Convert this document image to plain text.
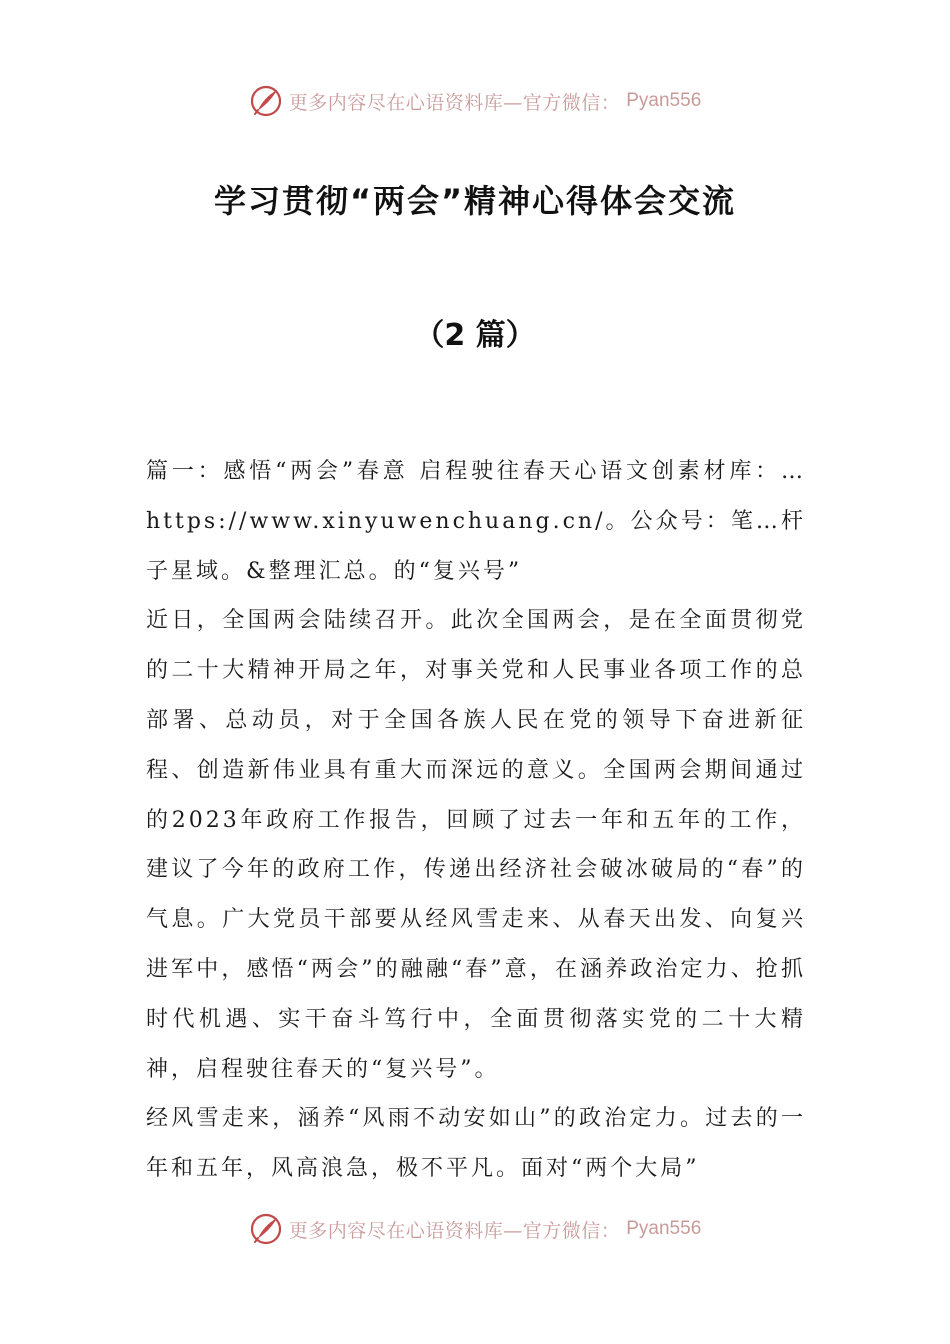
更多内容尽在心语资料库—官方微信： Pyan556
学习贯彻“两会”精神心得体会交流
（2 篇）

篇一：感悟“两会”春意 启程驶往春天心语文创素材库：…https://www.xinyuwenchuang.cn/。公众号：笔…杆子星域。&整理汇总。的“复兴号”

近日，全国两会陆续召开。此次全国两会，是在全面贯彻党的二十大精神开局之年，对事关党和人民事业各项工作的总部署、总动员，对于全国各族人民在党的领导下奋进新征程、创造新伟业具有重大而深远的意义。全国两会期间通过的2023年政府工作报告，回顾了过去一年和五年的工作，建议了今年的政府工作，传递出经济社会破冰破局的“春”的气息。广大党员干部要从经风雪走来、从春天出发、向复兴进军中，感悟“两会”的融融“春”意，在涵养政治定力、抢抓时代机遇、实干奋斗笃行中，全面贯彻落实党的二十大精神，启程驶往春天的“复兴号”。

经风雪走来，涵养“风雨不动安如山”的政治定力。过去的一年和五年，风高浪急，极不平凡。面对“两个大局”

更多内容尽在心语资料库—官方微信： Pyan556
